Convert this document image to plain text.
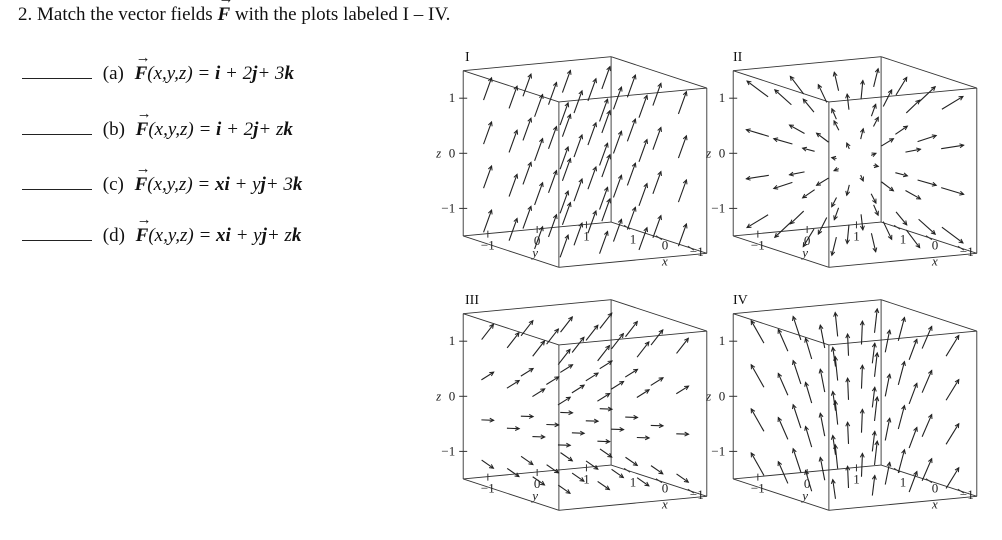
2. Match the vector fields → F with the plots labeled I – IV.
(a) → F(x,y,z) = i + 2j+ 3k
(b) → F(x,y,z) = i + 2j+ zk
(c) → F(x,y,z) = xi + yj+ 3k
(d) → F(x,y,z) = xi + yj+ zk
I
1
0
−1
z
−1	0	1
y
1 0 −1
x
II
1
0
−1
z
−1	0	1
y
1 0 −1
x
III
1
0
−1
z
−1	0	1
y
1 0 −1
x
IV
1
0
−1
z
−1	0	1
y
1 0 −1
x
